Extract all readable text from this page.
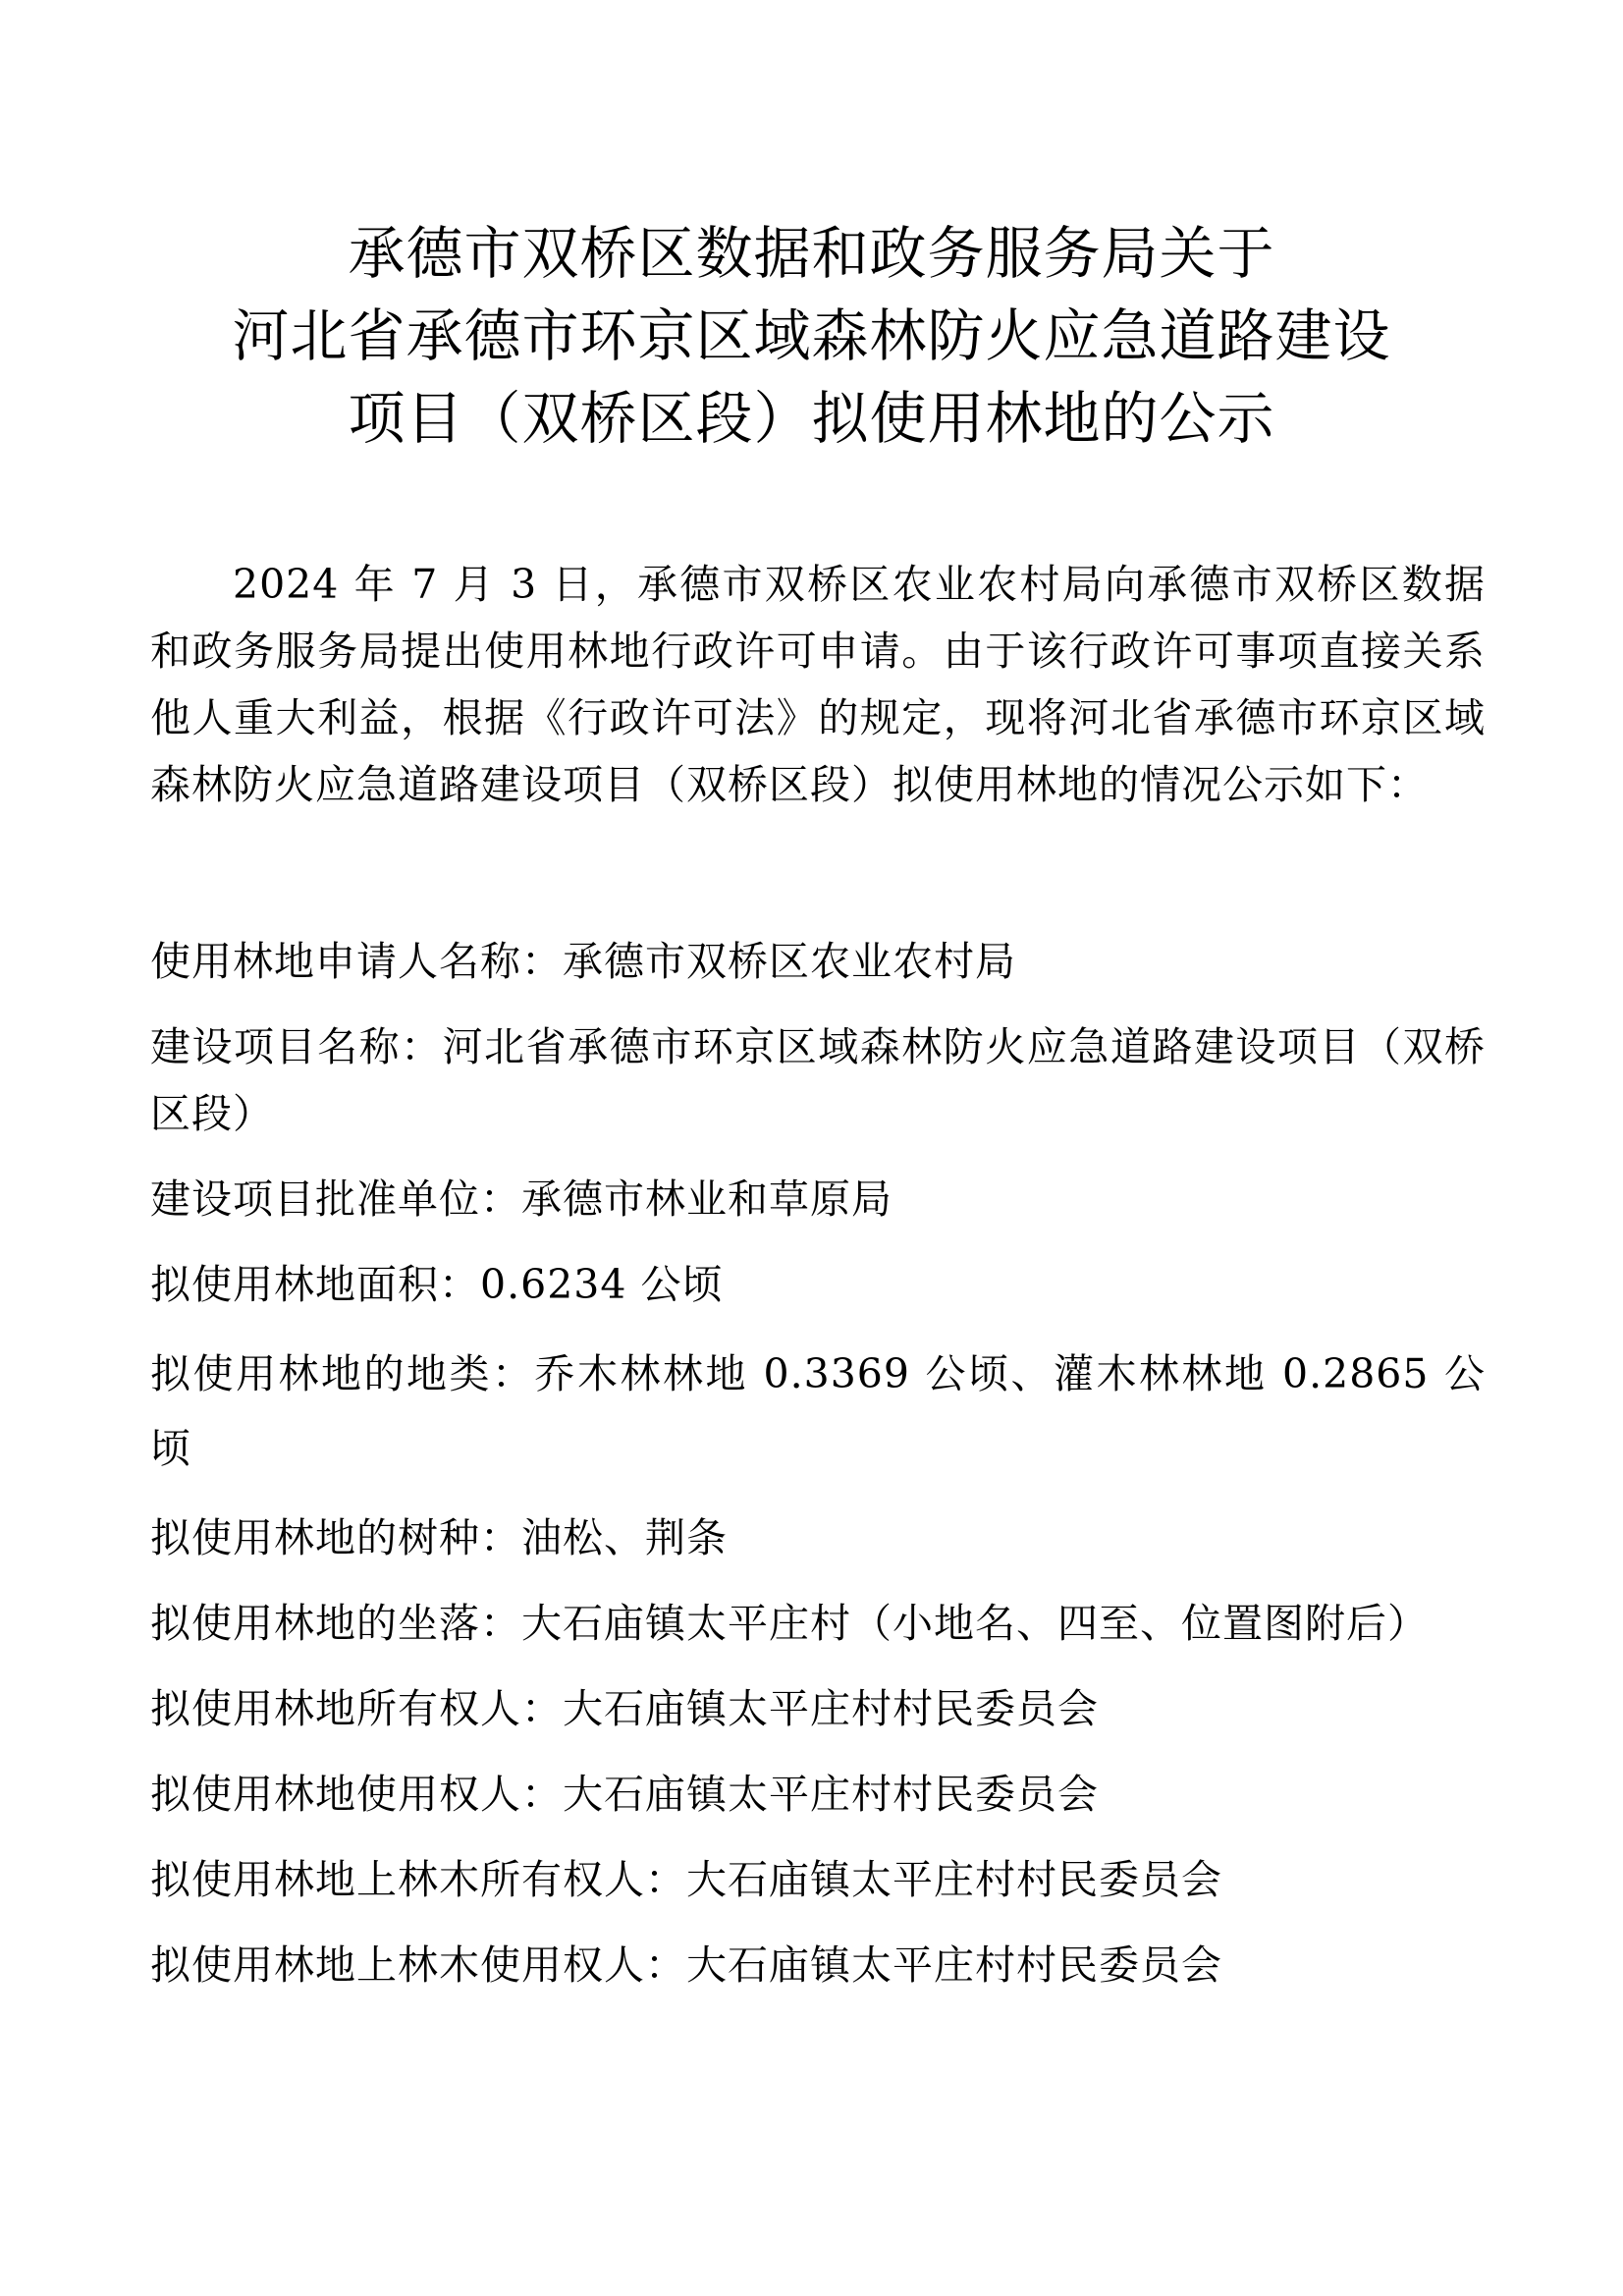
承德市双桥区数据和政务服务局关于
河北省承德市环京区域森林防火应急道路建设
项目（双桥区段）拟使用林地的公示

2024 年 7 月 3 日，承德市双桥区农业农村局向承德市双桥区数据和政务服务局提出使用林地行政许可申请。由于该行政许可事项直接关系他人重大利益，根据《行政许可法》的规定，现将河北省承德市环京区域森林防火应急道路建设项目（双桥区段）拟使用林地的情况公示如下：

使用林地申请人名称：承德市双桥区农业农村局

建设项目名称：河北省承德市环京区域森林防火应急道路建设项目（双桥区段）

建设项目批准单位：承德市林业和草原局

拟使用林地面积：0.6234 公顷

拟使用林地的地类：乔木林林地 0.3369 公顷、灌木林林地 0.2865 公顷

拟使用林地的树种：油松、荆条

拟使用林地的坐落：大石庙镇太平庄村（小地名、四至、位置图附后）

拟使用林地所有权人：大石庙镇太平庄村村民委员会

拟使用林地使用权人：大石庙镇太平庄村村民委员会

拟使用林地上林木所有权人：大石庙镇太平庄村村民委员会

拟使用林地上林木使用权人：大石庙镇太平庄村村民委员会
